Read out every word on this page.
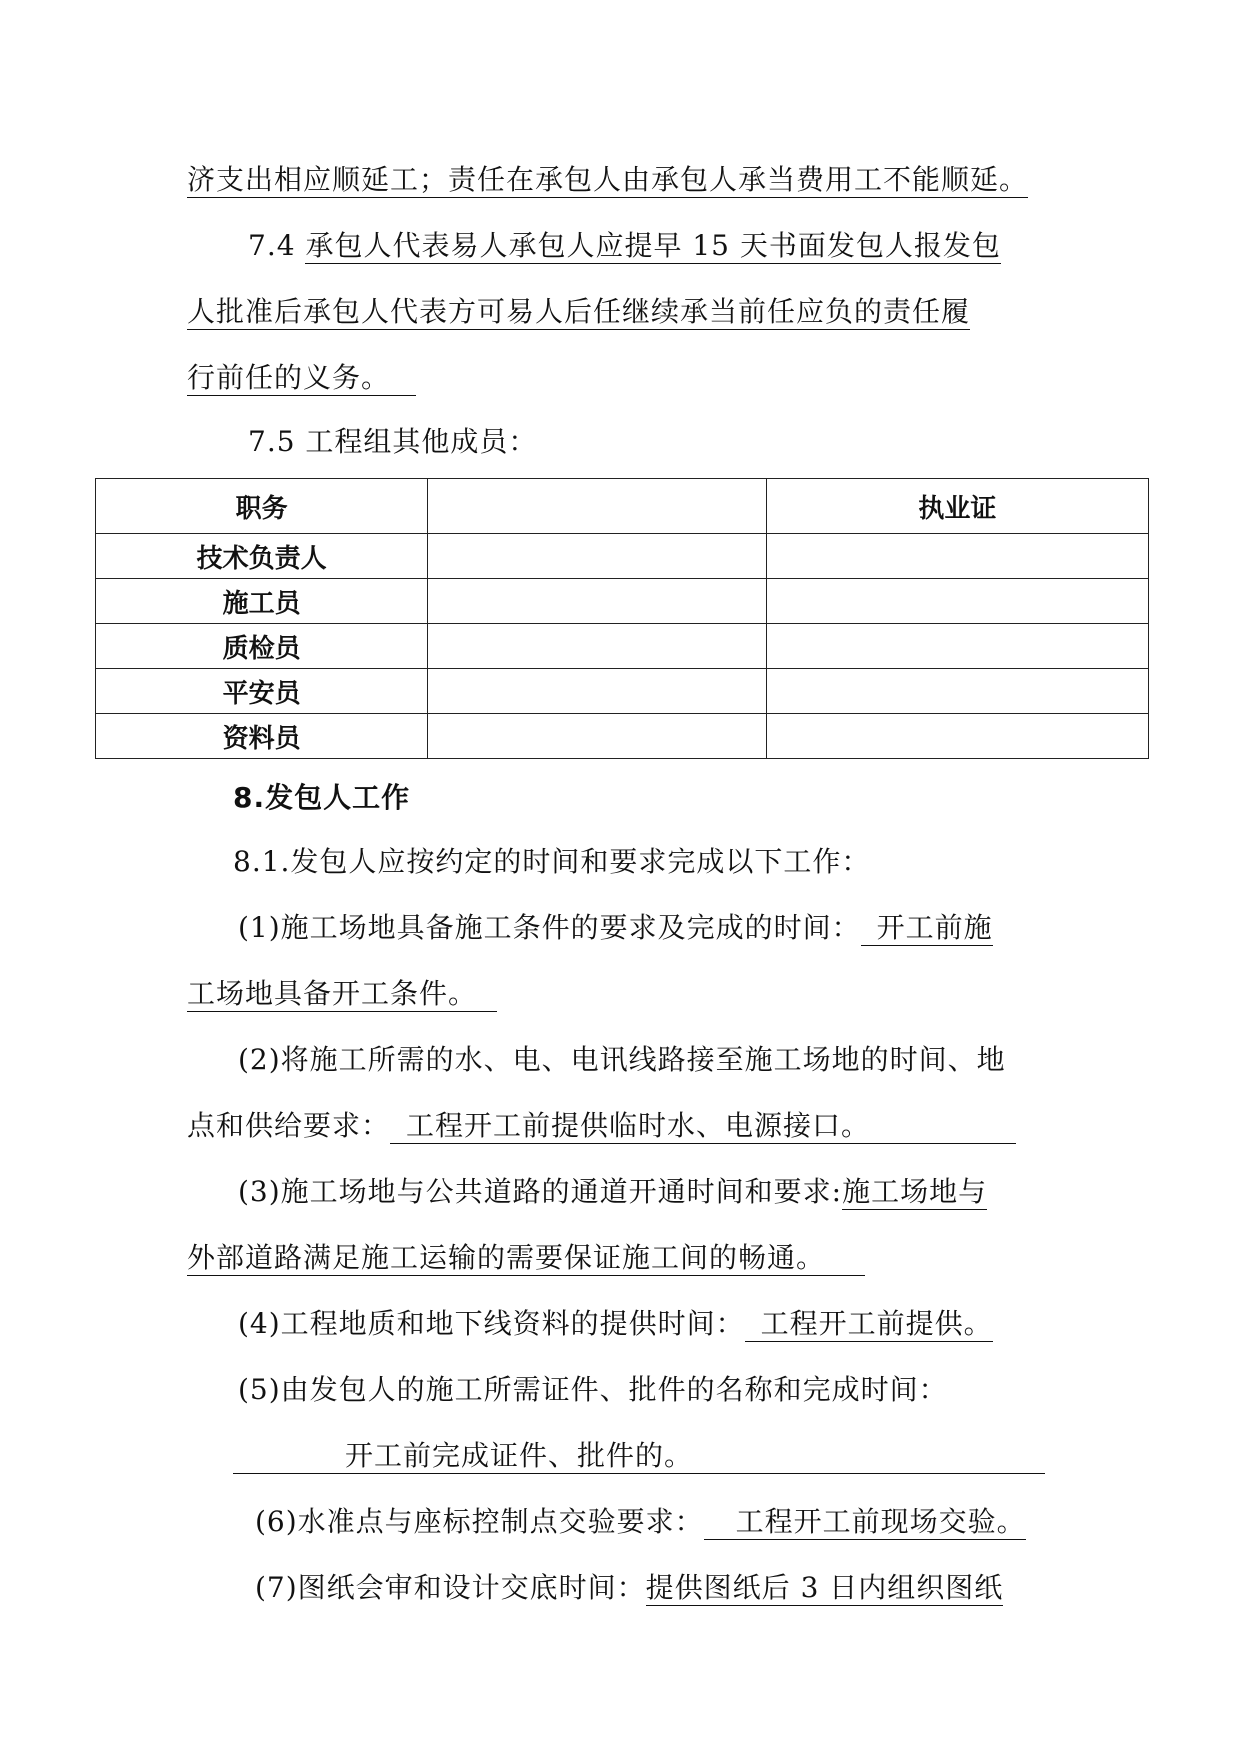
济支出相应顺延工；责任在承包人由承包人承当费用工不能顺延。
7.4 承包人代表易人承包人应提早 15 天书面发包人报发包
人批准后承包人代表方可易人后任继续承当前任应负的责任履
行前任的义务。
7.5 工程组其他成员：
职务		执业证
技术负责人		
施工员		
质检员		
平安员		
资料员		
8.发包人工作
8.1.发包人应按约定的时间和要求完成以下工作：
(1)施工场地具备施工条件的要求及完成的时间： 开工前施
工场地具备开工条件。
(2)将施工所需的水、电、电讯线路接至施工场地的时间、地
点和供给要求： 工程开工前提供临时水、电源接口。
(3)施工场地与公共道路的通道开通时间和要求:施工场地与
外部道路满足施工运输的需要保证施工间的畅通。
(4)工程地质和地下线资料的提供时间： 工程开工前提供。
(5)由发包人的施工所需证件、批件的名称和完成时间：
开工前完成证件、批件的。
(6)水准点与座标控制点交验要求： 工程开工前现场交验。
(7)图纸会审和设计交底时间：提供图纸后 3 日内组织图纸
